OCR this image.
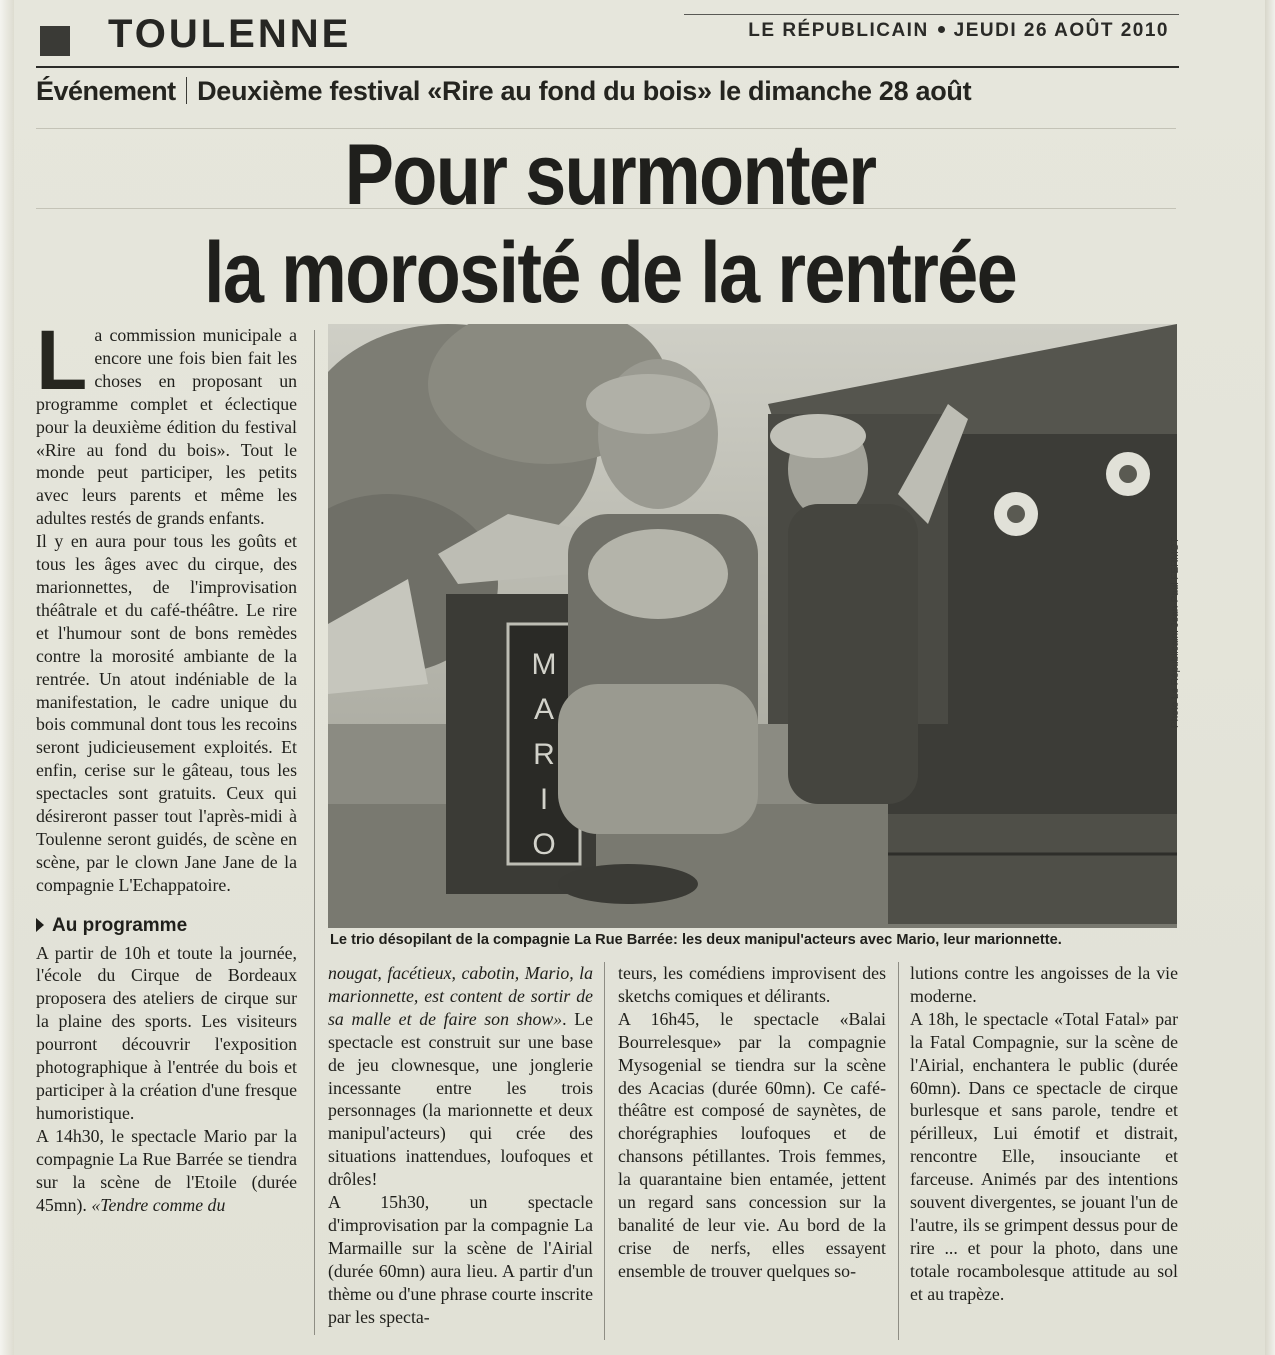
TOULENNE	LE RÉPUBLICAIN JEUDI 26 AOÛT 2010
Événement Deuxième festival «Rire au fond du bois» le dimanche 28 août
Pour surmonter
la morosité de la rentrée
L a commission municipale a encore une fois bien fait les choses en proposant un programme complet et éclectique pour la deuxième édition du festival «Rire au fond du bois». Tout le monde peut participer, les petits avec leurs parents et même les adultes restés de grands enfants.

Il y en aura pour tous les goûts et tous les âges avec du cirque, des marionnettes, de l'improvisation théâtrale et du café-théâtre. Le rire et l'humour sont de bons remèdes contre la morosité ambiante de la rentrée. Un atout indéniable de la manifestation, le cadre unique du bois communal dont tous les recoins seront judicieusement exploités. Et enfin, cerise sur le gâteau, tous les spectacles sont gratuits. Ceux qui désireront passer tout l'après-midi à Toulenne seront guidés, de scène en scène, par le clown Jane Jane de la compagnie L'Echappatoire.

Au programme

A partir de 10h et toute la journée, l'école du Cirque de Bordeaux proposera des ateliers de cirque sur la plaine des sports. Les visiteurs pourront découvrir l'exposition photographique à l'entrée du bois et participer à la création d'une fresque humoristique.

A 14h30, le spectacle Mario par la compagnie La Rue Barrée se tiendra sur la scène de l'Etoile (durée 45mn). «Tendre comme du

M
A
R
I
O
Photo Le Républicain: Jean-Paul FERMOT
Le trio désopilant de la compagnie La Rue Barrée: les deux manipul'acteurs avec Mario, leur marionnette.

nougat, facétieux, cabotin, Mario, la marionnette, est content de sortir de sa malle et de faire son show». Le spectacle est construit sur une base de jeu clownesque, une jonglerie incessante entre les trois personnages (la marionnette et deux manipul'acteurs) qui crée des situations inattendues, loufoques et drôles!

A 15h30, un spectacle d'improvisation par la compagnie La Marmaille sur la scène de l'Airial (durée 60mn) aura lieu. A partir d'un thème ou d'une phrase courte inscrite par les specta-

teurs, les comédiens improvisent des sketchs comiques et délirants.

A 16h45, le spectacle «Balai Bourrelesque» par la compagnie Mysogenial se tiendra sur la scène des Acacias (durée 60mn). Ce café-théâtre est composé de saynètes, de chorégraphies loufoques et de chansons pétillantes. Trois femmes, la quarantaine bien entamée, jettent un regard sans concession sur la banalité de leur vie. Au bord de la crise de nerfs, elles essayent ensemble de trouver quelques so-

lutions contre les angoisses de la vie moderne.

A 18h, le spectacle «Total Fatal» par la Fatal Compagnie, sur la scène de l'Airial, enchantera le public (durée 60mn). Dans ce spectacle de cirque burlesque et sans parole, tendre et périlleux, Lui émotif et distrait, rencontre Elle, insouciante et farceuse. Animés par des intentions souvent divergentes, se jouant l'un de l'autre, ils se grimpent dessus pour de rire ... et pour la photo, dans une totale rocambolesque attitude au sol et au trapèze.
